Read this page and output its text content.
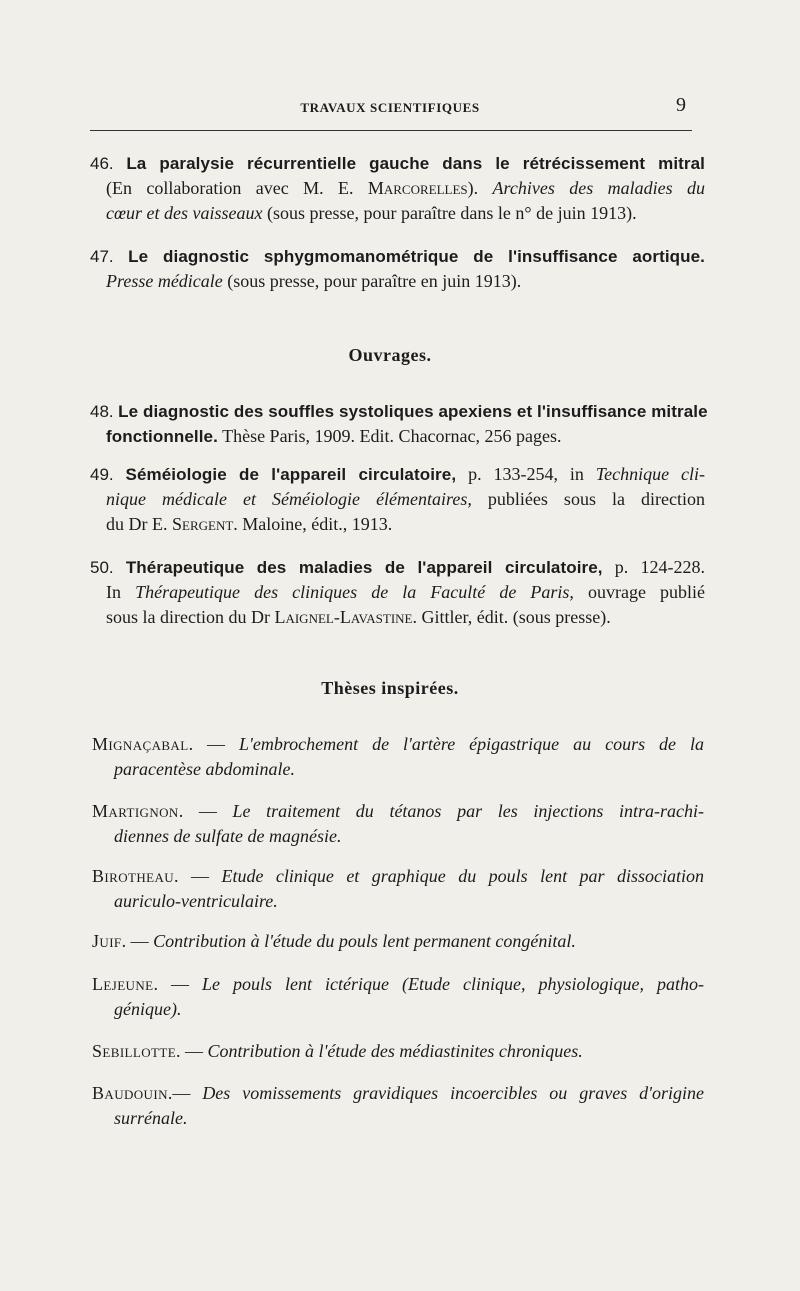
TRAVAUX SCIENTIFIQUES	9
46. La paralysie récurrentielle gauche dans le rétrécissement mitral
(En collaboration avec M. E. Marcorelles). Archives des maladies du
cœur et des vaisseaux (sous presse, pour paraître dans le n° de juin 1913).
47. Le diagnostic sphygmomanométrique de l'insuffisance aortique.
Presse médicale (sous presse, pour paraître en juin 1913).
Ouvrages.
48. Le diagnostic des souffles systoliques apexiens et l'insuffisance mitrale
fonctionnelle. Thèse Paris, 1909. Edit. Chacornac, 256 pages.
49. Séméiologie de l'appareil circulatoire, p. 133-254, in Technique cli-
nique médicale et Séméiologie élémentaires, publiées sous la direction
du Dr E. Sergent. Maloine, édit., 1913.
50. Thérapeutique des maladies de l'appareil circulatoire, p. 124-228.
In Thérapeutique des cliniques de la Faculté de Paris, ouvrage publié
sous la direction du Dr Laignel-Lavastine. Gittler, édit. (sous presse).
Thèses inspirées.
Mignaçabal. — L'embrochement de l'artère épigastrique au cours de la
paracentèse abdominale.
Martignon. — Le traitement du tétanos par les injections intra-rachi-
diennes de sulfate de magnésie.
Birotheau. — Etude clinique et graphique du pouls lent par dissociation
auriculo-ventriculaire.
Juif. — Contribution à l'étude du pouls lent permanent congénital.
Lejeune. — Le pouls lent ictérique (Etude clinique, physiologique, patho-
génique).
Sebillotte. — Contribution à l'étude des médiastinites chroniques.
Baudouin.— Des vomissements gravidiques incoercibles ou graves d'origine
surrénale.
